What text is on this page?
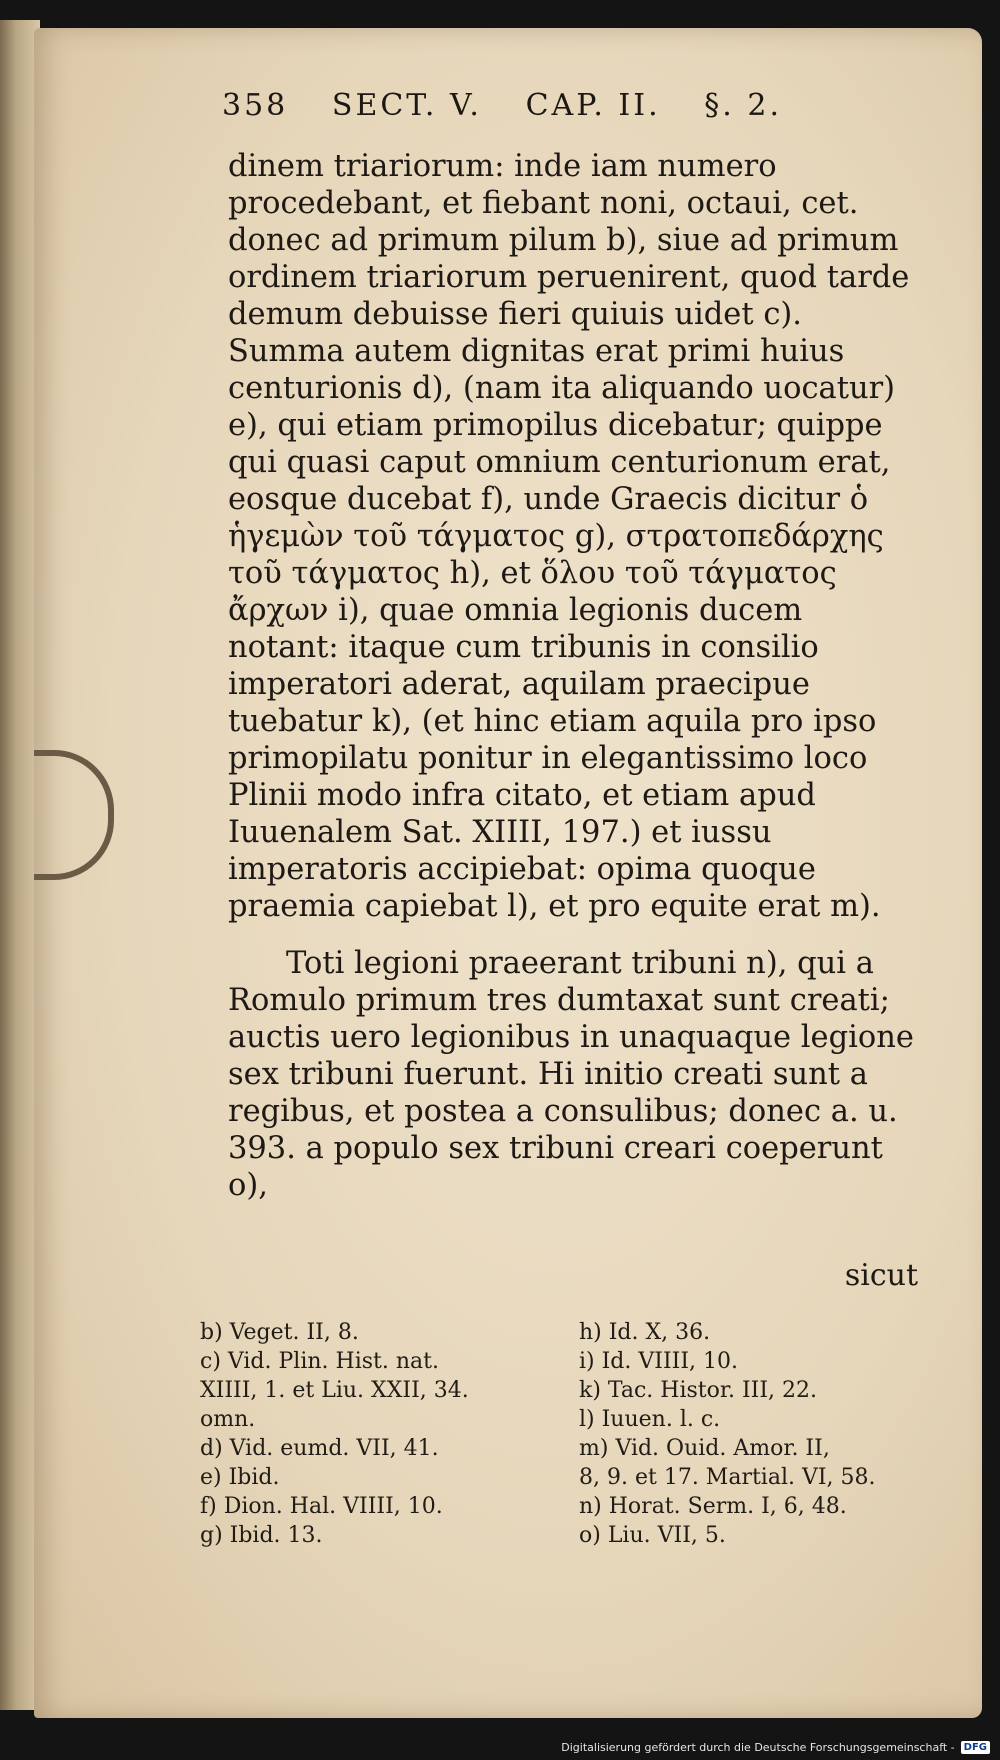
358 SECT. V. CAP. II. §. 2.

dinem triariorum: inde iam numero procedebant, et fiebant noni, octaui, cet. donec ad primum pilum b), siue ad primum ordinem triariorum peruenirent, quod tarde demum debuisse fieri quiuis uidet c). Summa autem dignitas erat primi huius centurionis d), (nam ita aliquando uocatur) e), qui etiam primopilus dicebatur; quippe qui quasi caput omnium centurionum erat, eosque ducebat f), unde Graecis dicitur ὁ ἡγεμὼν τοῦ τάγματος g), στρατοπεδάρχης τοῦ τάγματος h), et ὅλου τοῦ τάγματος ἄρχων i), quae omnia legionis ducem notant: itaque cum tribunis in consilio imperatori aderat, aquilam praecipue tuebatur k), (et hinc etiam aquila pro ipso primopilatu ponitur in elegantissimo loco Plinii modo infra citato, et etiam apud Iuuenalem Sat. XIIII, 197.) et iussu imperatoris accipiebat: opima quoque praemia capiebat l), et pro equite erat m).

Toti legioni praeerant tribuni n), qui a Romulo primum tres dumtaxat sunt creati; auctis uero legionibus in unaquaque legione sex tribuni fuerunt. Hi initio creati sunt a regibus, et postea a consulibus; donec a. u. 393. a populo sex tribuni creari coeperunt o),

sicut
b) Veget. II, 8.
c) Vid. Plin. Hist. nat.
XIIII, 1. et Liu. XXII, 34.
omn.
d) Vid. eumd. VII, 41.
e) Ibid.
f) Dion. Hal. VIIII, 10.
g) Ibid. 13.
h) Id. X, 36.
i) Id. VIIII, 10.
k) Tac. Histor. III, 22.
l) Iuuen. l. c.
m) Vid. Ouid. Amor. II,
8, 9. et 17. Martial. VI, 58.
n) Horat. Serm. I, 6, 48.
o) Liu. VII, 5.
Digitalisierung gefördert durch die Deutsche Forschungsgemeinschaft - DFG
